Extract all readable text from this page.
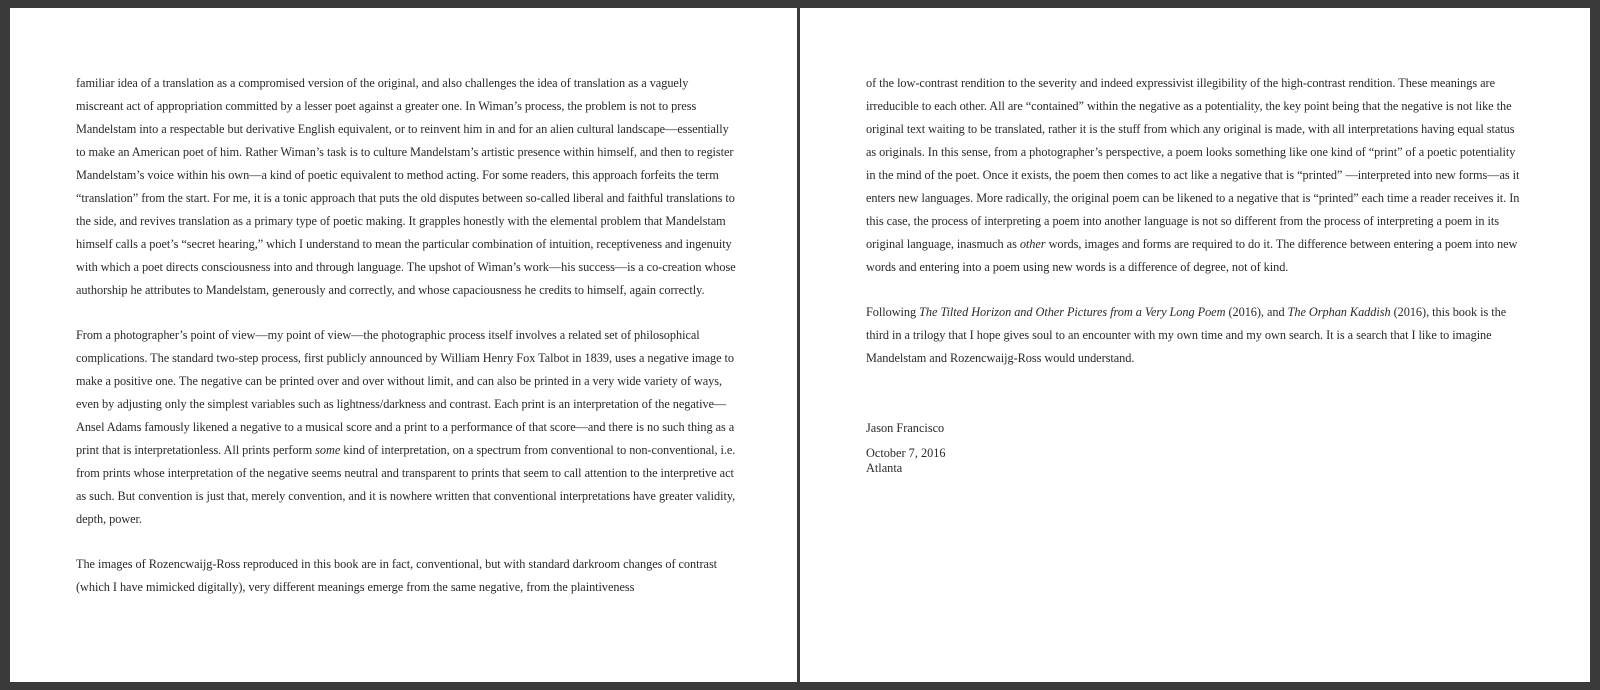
familiar idea of a translation as a compromised version of the original, and also challenges the idea of translation as a vaguely miscreant act of appropriation committed by a lesser poet against a greater one. In Wiman’s process, the problem is not to press Mandelstam into a respectable but derivative English equivalent, or to reinvent him in and for an alien cultural landscape—essentially to make an American poet of him. Rather Wiman’s task is to culture Mandelstam’s artistic presence within himself, and then to register Mandelstam’s voice within his own—a kind of poetic equivalent to method acting. For some readers, this approach forfeits the term “translation” from the start. For me, it is a tonic approach that puts the old disputes between so-called liberal and faithful translations to the side, and revives translation as a primary type of poetic making. It grapples honestly with the elemental problem that Mandelstam himself calls a poet’s “secret hearing,” which I understand to mean the particular combination of intuition, receptiveness and ingenuity with which a poet directs consciousness into and through language. The upshot of Wiman’s work—his success—is a co-creation whose authorship he attributes to Mandelstam, generously and correctly, and whose capaciousness he credits to himself, again correctly.

From a photographer’s point of view—my point of view—the photographic process itself involves a related set of philosophical complications. The standard two-step process, first publicly announced by William Henry Fox Talbot in 1839, uses a negative image to make a positive one. The negative can be printed over and over without limit, and can also be printed in a very wide variety of ways, even by adjusting only the simplest variables such as lightness/darkness and contrast. Each print is an interpretation of the negative—Ansel Adams famously likened a negative to a musical score and a print to a performance of that score—and there is no such thing as a print that is interpretationless. All prints perform some kind of interpretation, on a spectrum from conventional to non-conventional, i.e. from prints whose interpretation of the negative seems neutral and transparent to prints that seem to call attention to the interpretive act as such. But convention is just that, merely convention, and it is nowhere written that conventional interpretations have greater validity, depth, power.

The images of Rozencwaijg-Ross reproduced in this book are in fact, conventional, but with standard darkroom changes of contrast (which I have mimicked digitally), very different meanings emerge from the same negative, from the plaintiveness

of the low-contrast rendition to the severity and indeed expressivist illegibility of the high-contrast rendition. These meanings are irreducible to each other. All are “contained” within the negative as a potentiality, the key point being that the negative is not like the original text waiting to be translated, rather it is the stuff from which any original is made, with all interpretations having equal status as originals. In this sense, from a photographer’s perspective, a poem looks something like one kind of “print” of a poetic potentiality in the mind of the poet. Once it exists, the poem then comes to act like a negative that is “printed” —interpreted into new forms—as it enters new languages. More radically, the original poem can be likened to a negative that is “printed” each time a reader receives it. In this case, the process of interpreting a poem into another language is not so different from the process of interpreting a poem in its original language, inasmuch as other words, images and forms are required to do it. The difference between entering a poem into new words and entering into a poem using new words is a difference of degree, not of kind.

Following The Tilted Horizon and Other Pictures from a Very Long Poem (2016), and The Orphan Kaddish (2016), this book is the third in a trilogy that I hope gives soul to an encounter with my own time and my own search. It is a search that I like to imagine Mandelstam and Rozencwaijg-Ross would understand.

Jason Francisco

October 7, 2016

Atlanta
